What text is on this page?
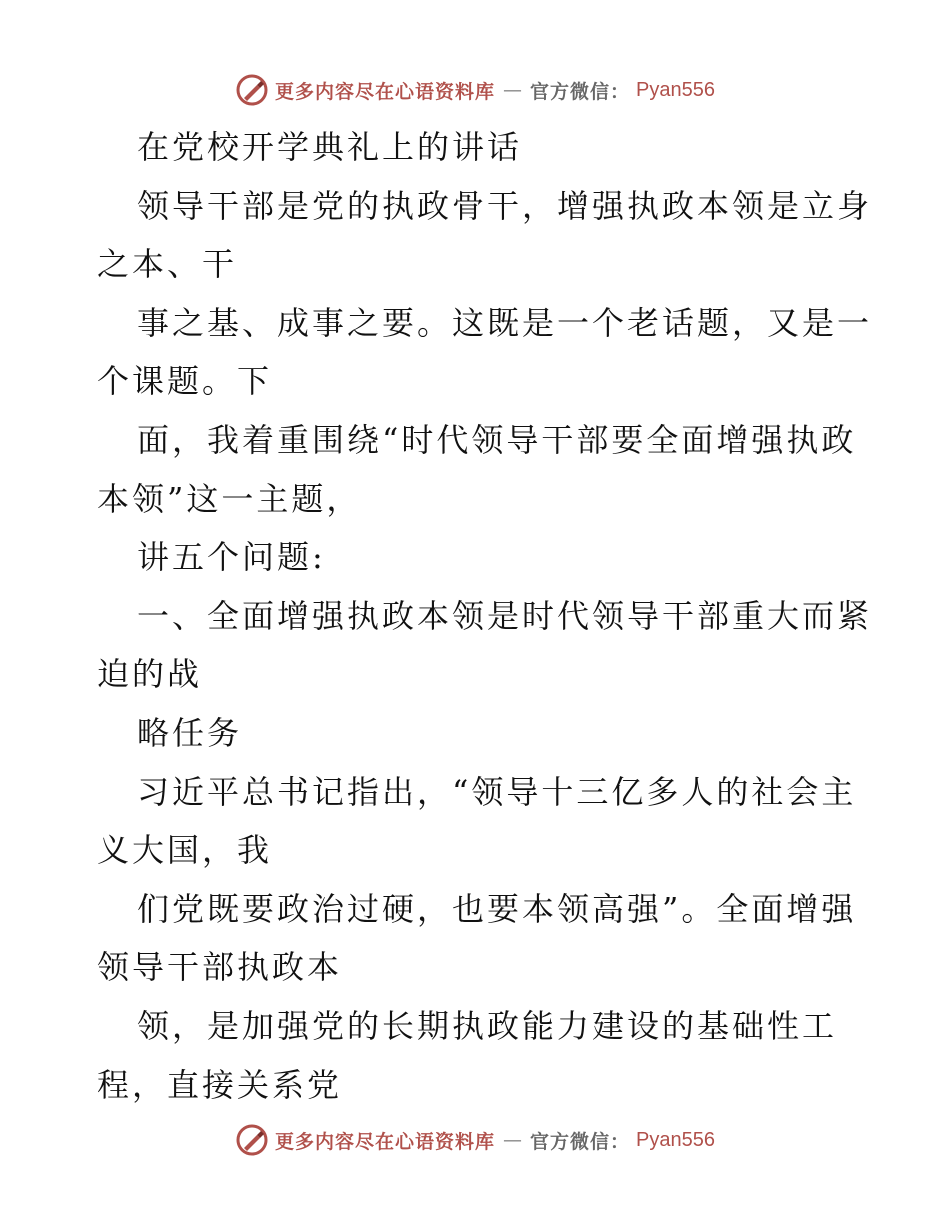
更多内容尽在心语资料库 — 官方微信： Pyan556
在党校开学典礼上的讲话
领导干部是党的执政骨干，增强执政本领是立身
之本、干
事之基、成事之要。这既是一个老话题，又是一
个课题。下
面，我着重围绕“时代领导干部要全面增强执政
本领”这一主题，
讲五个问题:
一、全面增强执政本领是时代领导干部重大而紧
迫的战
略任务
习近平总书记指出，“领导十三亿多人的社会主
义大国，我
们党既要政治过硬，也要本领高强”。全面增强
领导干部执政本
领，是加强党的长期执政能力建设的基础性工
程，直接关系党
更多内容尽在心语资料库 — 官方微信： Pyan556
